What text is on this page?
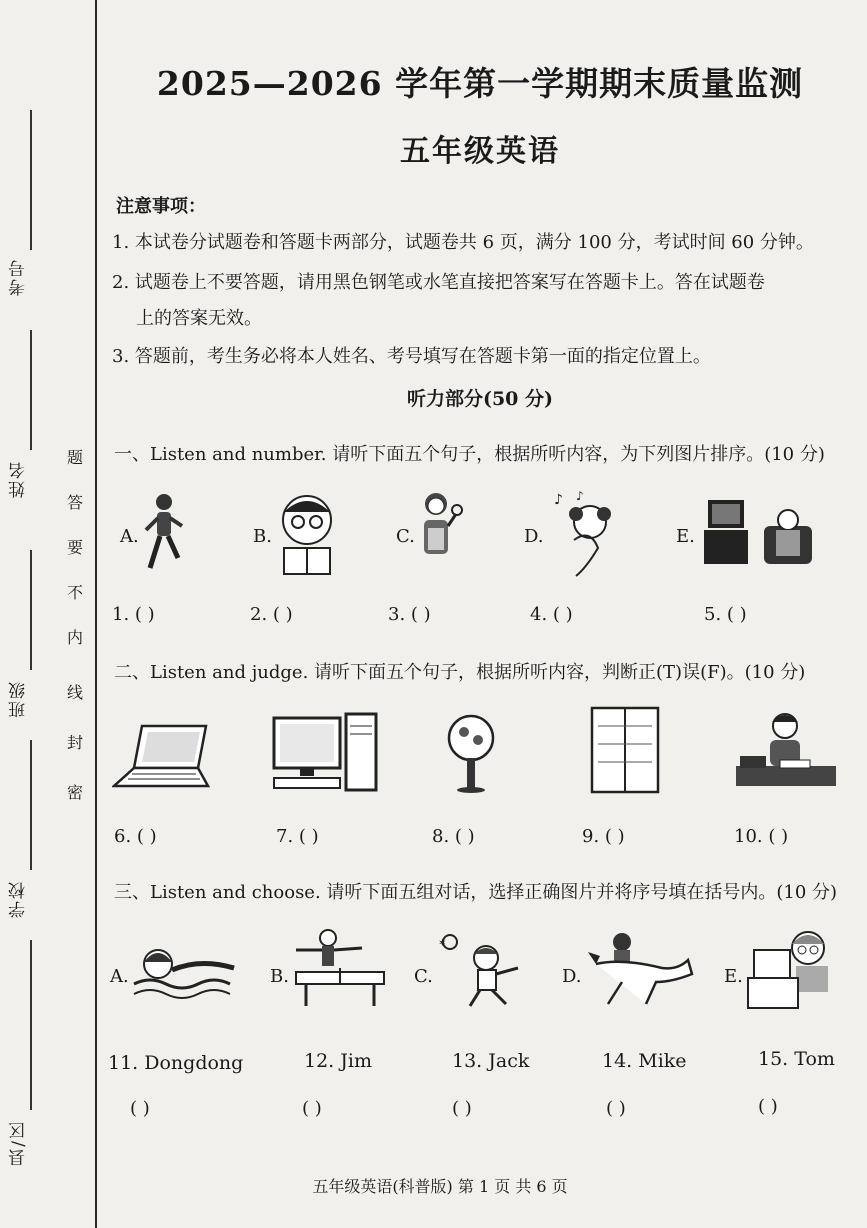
考号
姓名
班级
学校
县/区
题
答
要
不
内
线
封
密
2025—2026 学年第一学期期末质量监测
五年级英语
注意事项：
1. 本试卷分试题卷和答题卡两部分，试题卷共 6 页，满分 100 分，考试时间 60 分钟。
2. 试题卷上不要答题，请用黑色钢笔或水笔直接把答案写在答题卡上。答在试题卷
上的答案无效。
3. 答题前，考生务必将本人姓名、考号填写在答题卡第一面的指定位置上。
听力部分(50 分)
一、Listen and number. 请听下面五个句子，根据所听内容，为下列图片排序。(10 分)
A.	B.	C.	D.
♪ ♪
E.
1. ( )	2. ( )	3. ( )	4. ( )	5. ( )
二、Listen and judge. 请听下面五个句子，根据所听内容，判断正(T)误(F)。(10 分)
6. ( )	7. ( )	8. ( )	9. ( )	10. ( )
三、Listen and choose. 请听下面五组对话，选择正确图片并将序号填在括号内。(10 分)
A.	B.	C.
✶
D.	E.
11. Dongdong	12. Jim	13. Jack	14. Mike	15. Tom
( )	( )	( )	( )	( )
五年级英语(科普版) 第 1 页 共 6 页
